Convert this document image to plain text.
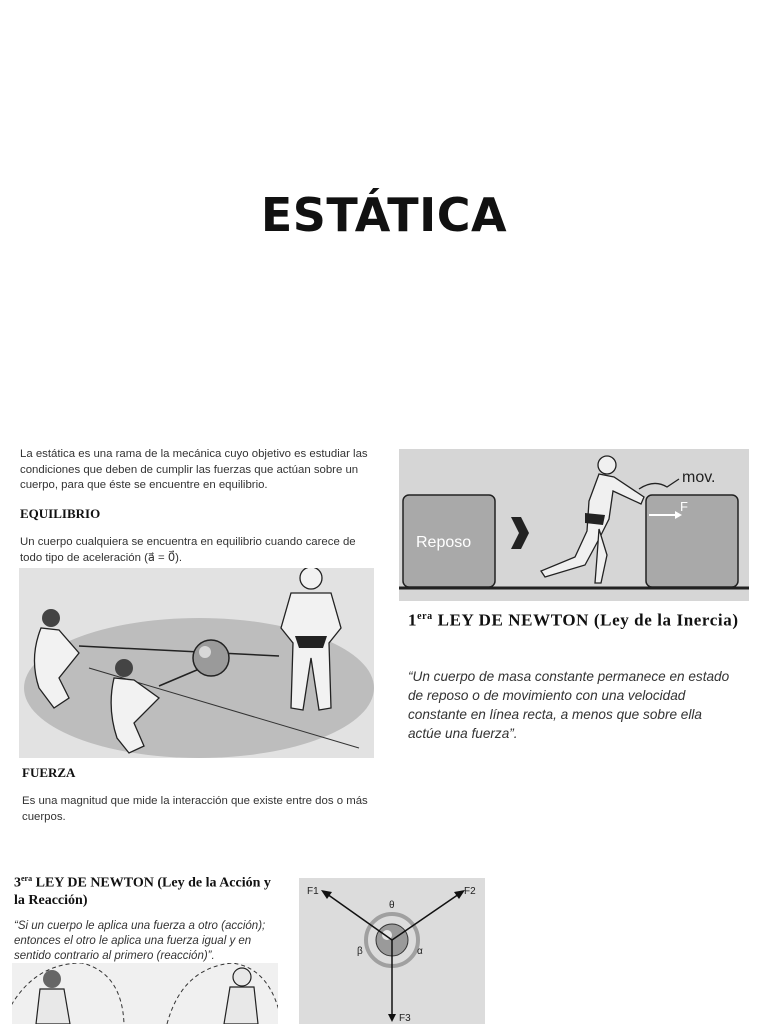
ESTÁTICA
La estática es una rama de la mecánica cuyo objetivo es estudiar las condiciones que deben de cumplir las fuerzas que actúan sobre un cuerpo, para que éste se encuentre en equilibrio.
EQUILIBRIO
Un cuerpo cualquiera se encuentra en equilibrio cuando carece de todo tipo de aceleración (a⃗ = 0⃗).
FUERZA
Es una magnitud que mide la interacción que existe entre dos o más cuerpos.
Reposo
mov.
F
$1^{era}$ LEY DE NEWTON (Ley de la Inercia)
“Un cuerpo de masa constante permanece en estado de reposo o de movimiento con una velocidad constante en línea recta, a menos que sobre ella actúe una fuerza”.
$3^{era}$ LEY DE NEWTON (Ley de la Acción y la Reacción)
“Si un cuerpo le aplica una fuerza a otro (acción); entonces el otro le aplica una fuerza igual y en sentido contrario al primero (reacción)”.
F1	F2
F3
θ
β	α
